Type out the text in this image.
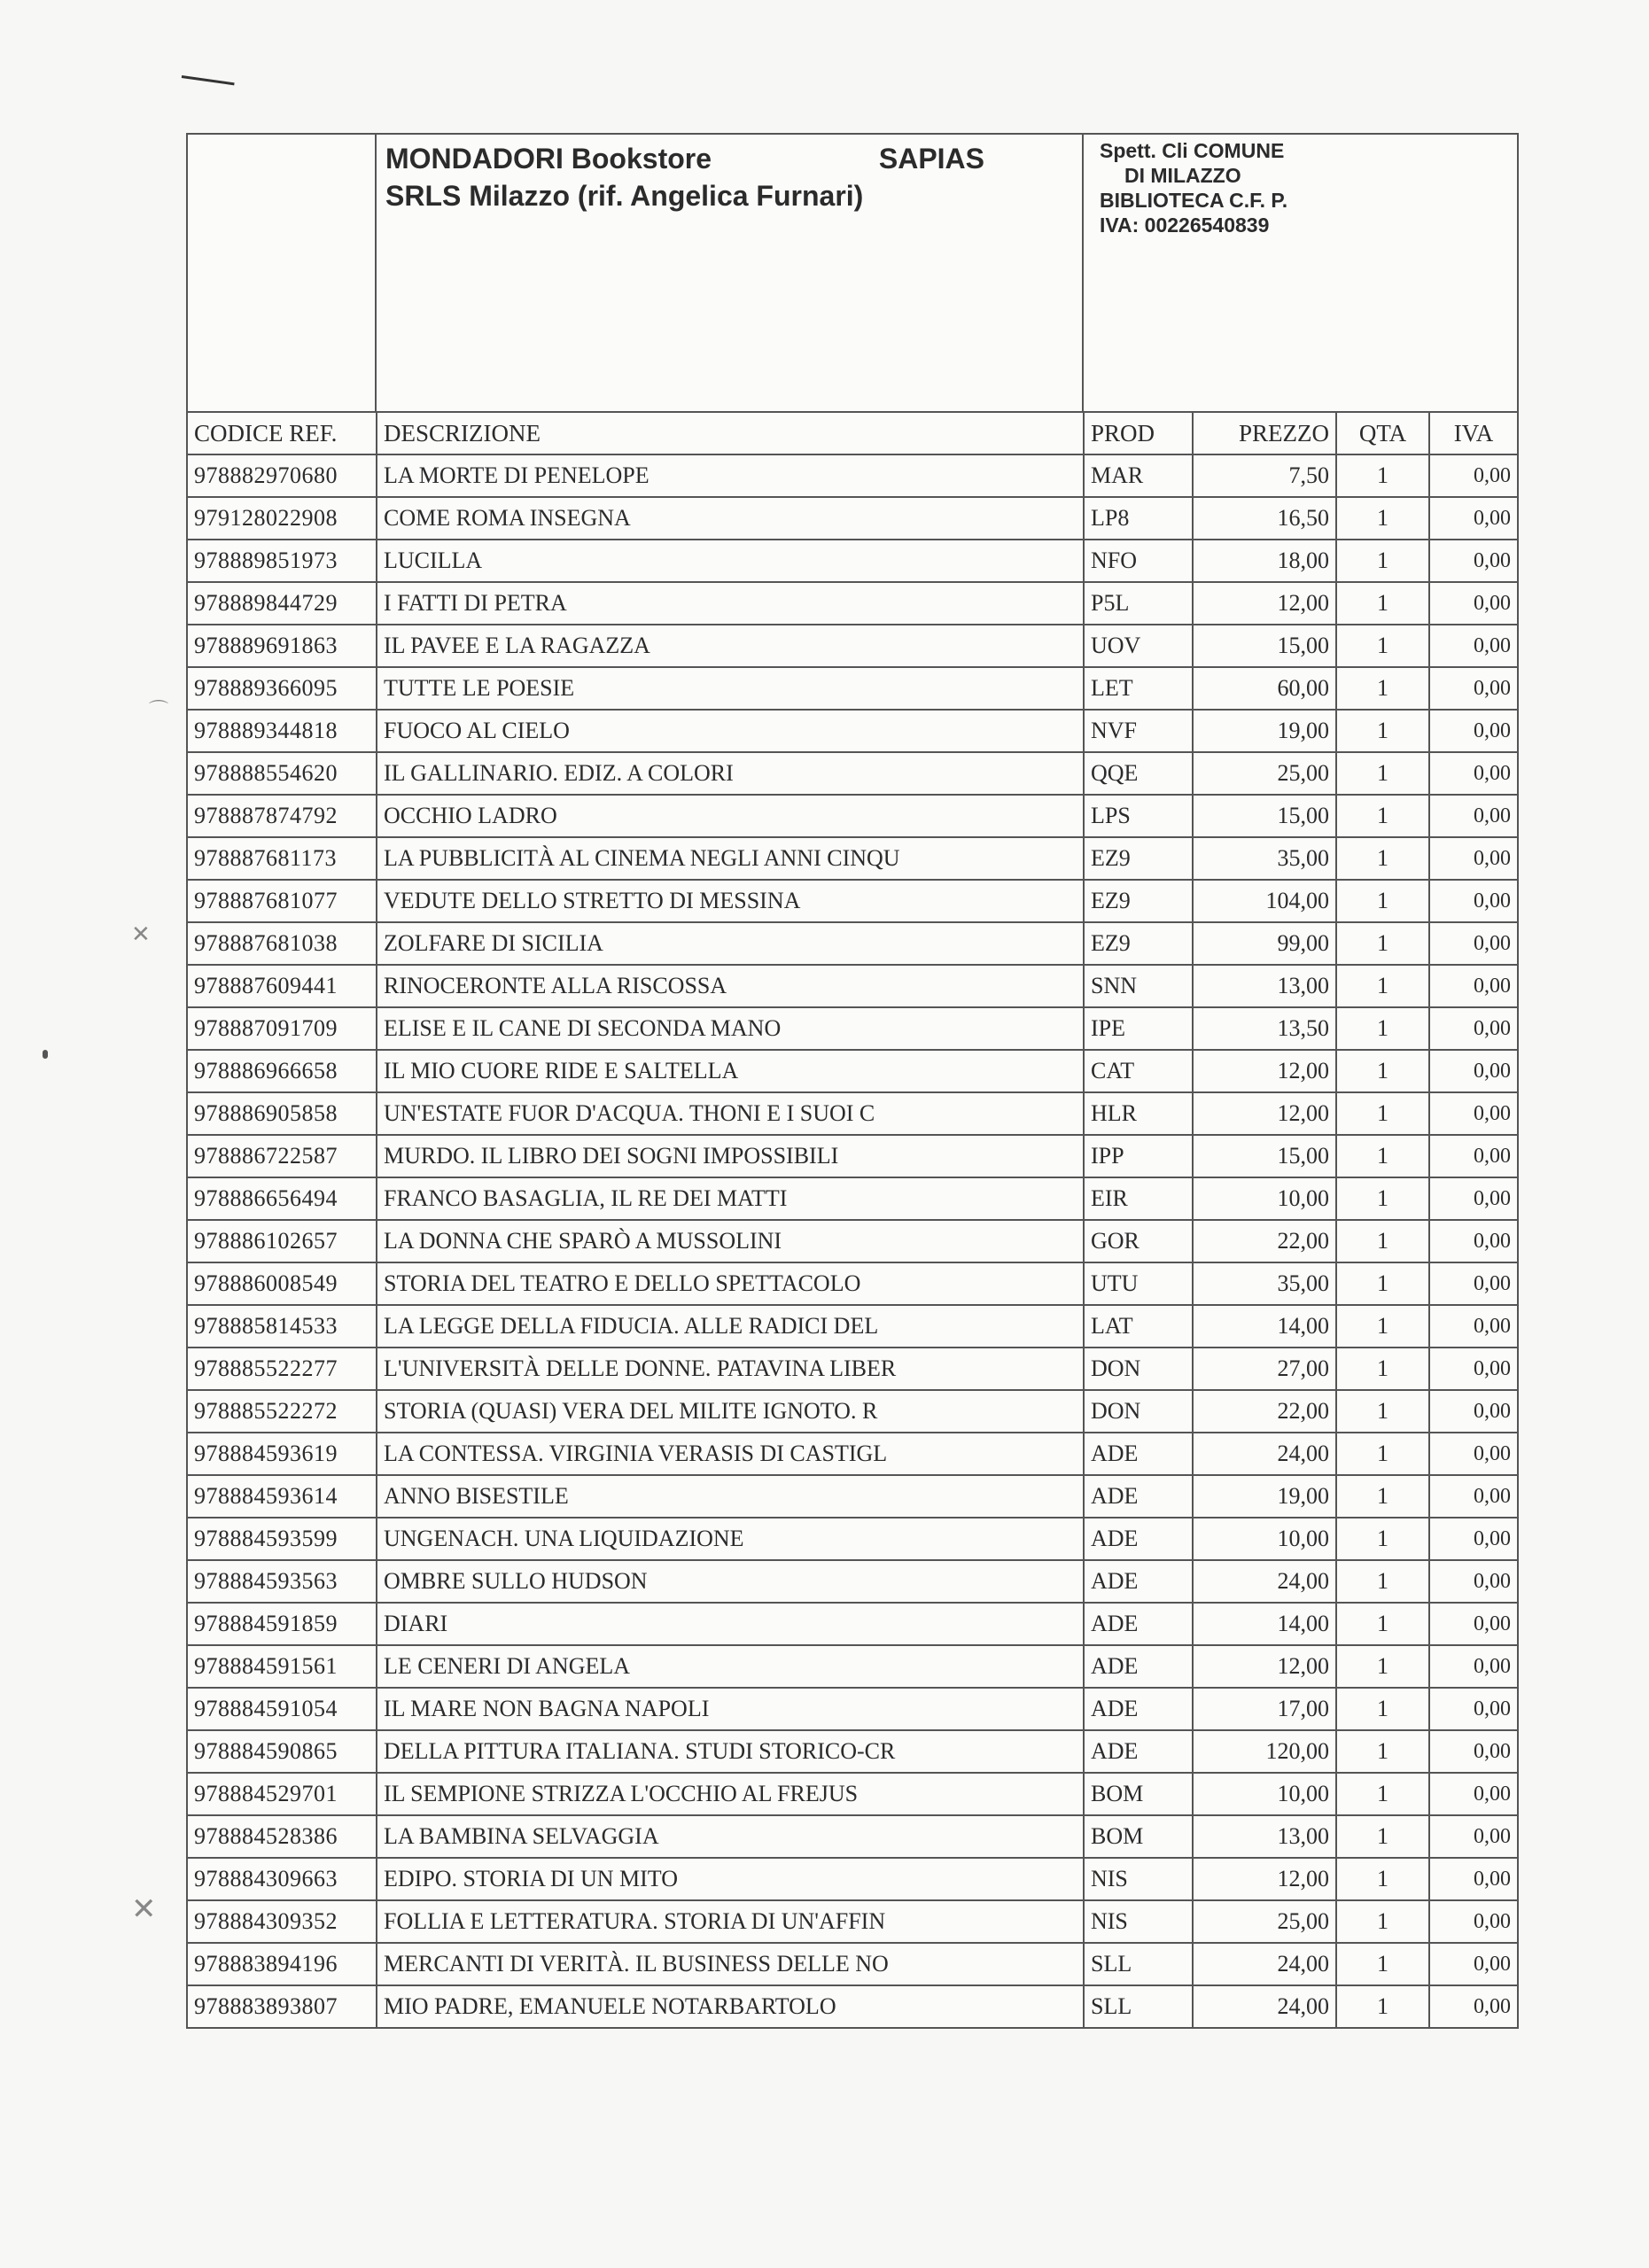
⌒
✕
✕
MONDADORI Bookstore	SAPIAS
SRLS Milazzo (rif. Angelica Furnari)
Spett. Cli COMUNE
DI MILAZZO
BIBLIOTECA C.F. P.
IVA: 00226540839
CODICE REF.	DESCRIZIONE	PROD	PREZZO	QTA	IVA
978882970680	LA MORTE DI PENELOPE	MAR	7,50	1	0,00
979128022908	COME ROMA INSEGNA	LP8	16,50	1	0,00
978889851973	LUCILLA	NFO	18,00	1	0,00
978889844729	I FATTI DI PETRA	P5L	12,00	1	0,00
978889691863	IL PAVEE E LA RAGAZZA	UOV	15,00	1	0,00
978889366095	TUTTE LE POESIE	LET	60,00	1	0,00
978889344818	FUOCO AL CIELO	NVF	19,00	1	0,00
978888554620	IL GALLINARIO. EDIZ. A COLORI	QQE	25,00	1	0,00
978887874792	OCCHIO LADRO	LPS	15,00	1	0,00
978887681173	LA PUBBLICITÀ AL CINEMA NEGLI ANNI CINQU	EZ9	35,00	1	0,00
978887681077	VEDUTE DELLO STRETTO DI MESSINA	EZ9	104,00	1	0,00
978887681038	ZOLFARE DI SICILIA	EZ9	99,00	1	0,00
978887609441	RINOCERONTE ALLA RISCOSSA	SNN	13,00	1	0,00
978887091709	ELISE E IL CANE DI SECONDA MANO	IPE	13,50	1	0,00
978886966658	IL MIO CUORE RIDE E SALTELLA	CAT	12,00	1	0,00
978886905858	UN'ESTATE FUOR D'ACQUA. THONI E I SUOI C	HLR	12,00	1	0,00
978886722587	MURDO. IL LIBRO DEI SOGNI IMPOSSIBILI	IPP	15,00	1	0,00
978886656494	FRANCO BASAGLIA, IL RE DEI MATTI	EIR	10,00	1	0,00
978886102657	LA DONNA CHE SPARÒ A MUSSOLINI	GOR	22,00	1	0,00
978886008549	STORIA DEL TEATRO E DELLO SPETTACOLO	UTU	35,00	1	0,00
978885814533	LA LEGGE DELLA FIDUCIA. ALLE RADICI DEL	LAT	14,00	1	0,00
978885522277	L'UNIVERSITÀ DELLE DONNE. PATAVINA LIBER	DON	27,00	1	0,00
978885522272	STORIA (QUASI) VERA DEL MILITE IGNOTO. R	DON	22,00	1	0,00
978884593619	LA CONTESSA. VIRGINIA VERASIS DI CASTIGL	ADE	24,00	1	0,00
978884593614	ANNO BISESTILE	ADE	19,00	1	0,00
978884593599	UNGENACH. UNA LIQUIDAZIONE	ADE	10,00	1	0,00
978884593563	OMBRE SULLO HUDSON	ADE	24,00	1	0,00
978884591859	DIARI	ADE	14,00	1	0,00
978884591561	LE CENERI DI ANGELA	ADE	12,00	1	0,00
978884591054	IL MARE NON BAGNA NAPOLI	ADE	17,00	1	0,00
978884590865	DELLA PITTURA ITALIANA. STUDI STORICO-CR	ADE	120,00	1	0,00
978884529701	IL SEMPIONE STRIZZA L'OCCHIO AL FREJUS	BOM	10,00	1	0,00
978884528386	LA BAMBINA SELVAGGIA	BOM	13,00	1	0,00
978884309663	EDIPO. STORIA DI UN MITO	NIS	12,00	1	0,00
978884309352	FOLLIA E LETTERATURA. STORIA DI UN'AFFIN	NIS	25,00	1	0,00
978883894196	MERCANTI DI VERITÀ. IL BUSINESS DELLE NO	SLL	24,00	1	0,00
978883893807	MIO PADRE, EMANUELE NOTARBARTOLO	SLL	24,00	1	0,00
